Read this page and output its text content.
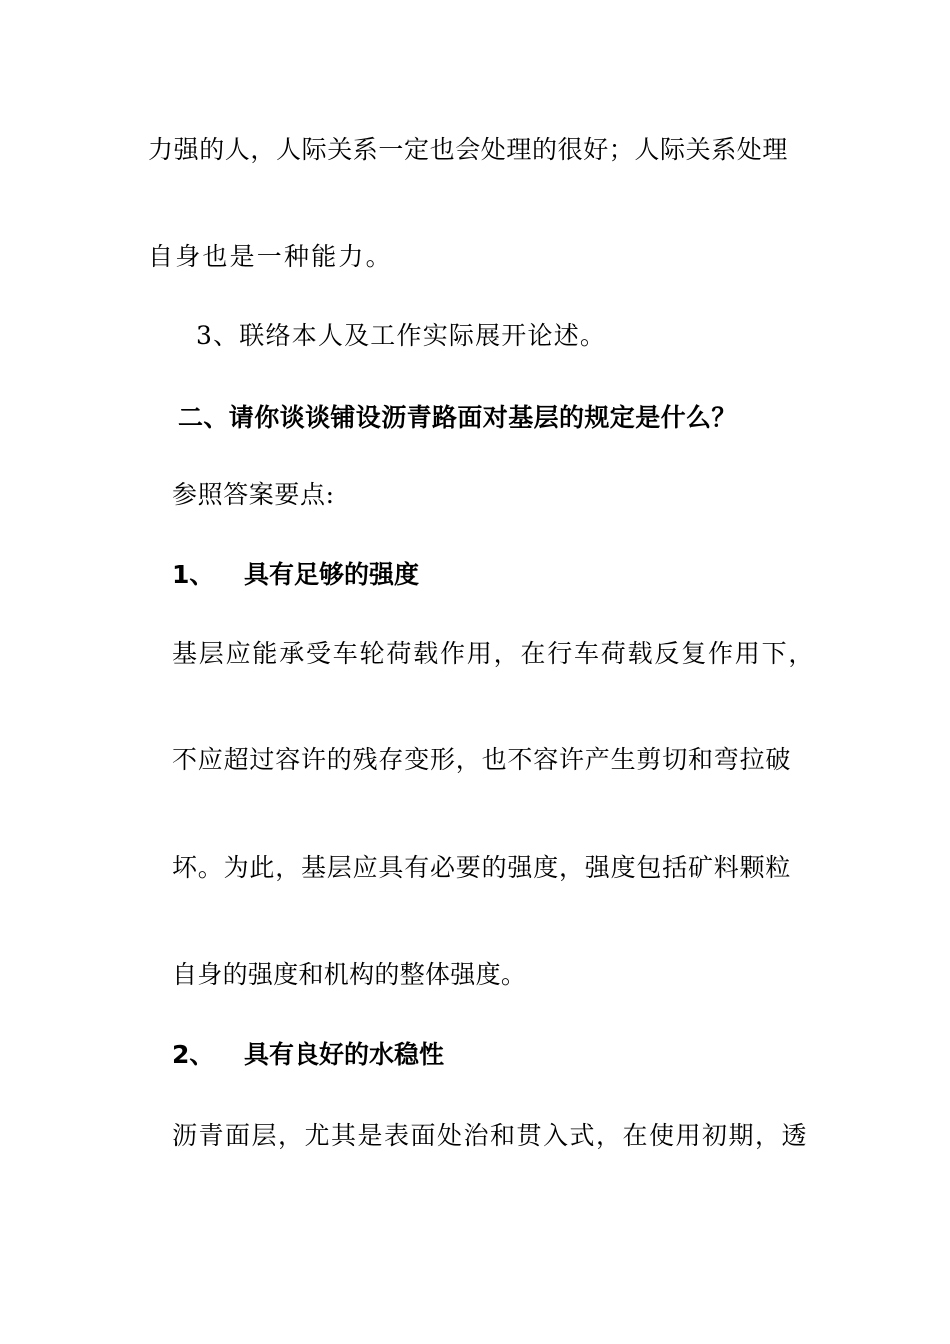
力强的人，人际关系一定也会处理的很好；人际关系处理
自身也是一种能力。
3、联络本人及工作实际展开论述。
二、请你谈谈铺设沥青路面对基层的规定是什么？
参照答案要点:
1、 具有足够的强度
基层应能承受车轮荷载作用，在行车荷载反复作用下，
不应超过容许的残存变形，也不容许产生剪切和弯拉破
坏。为此，基层应具有必要的强度，强度包括矿料颗粒
自身的强度和机构的整体强度。
2、 具有良好的水稳性
沥青面层，尤其是表面处治和贯入式，在使用初期，透
